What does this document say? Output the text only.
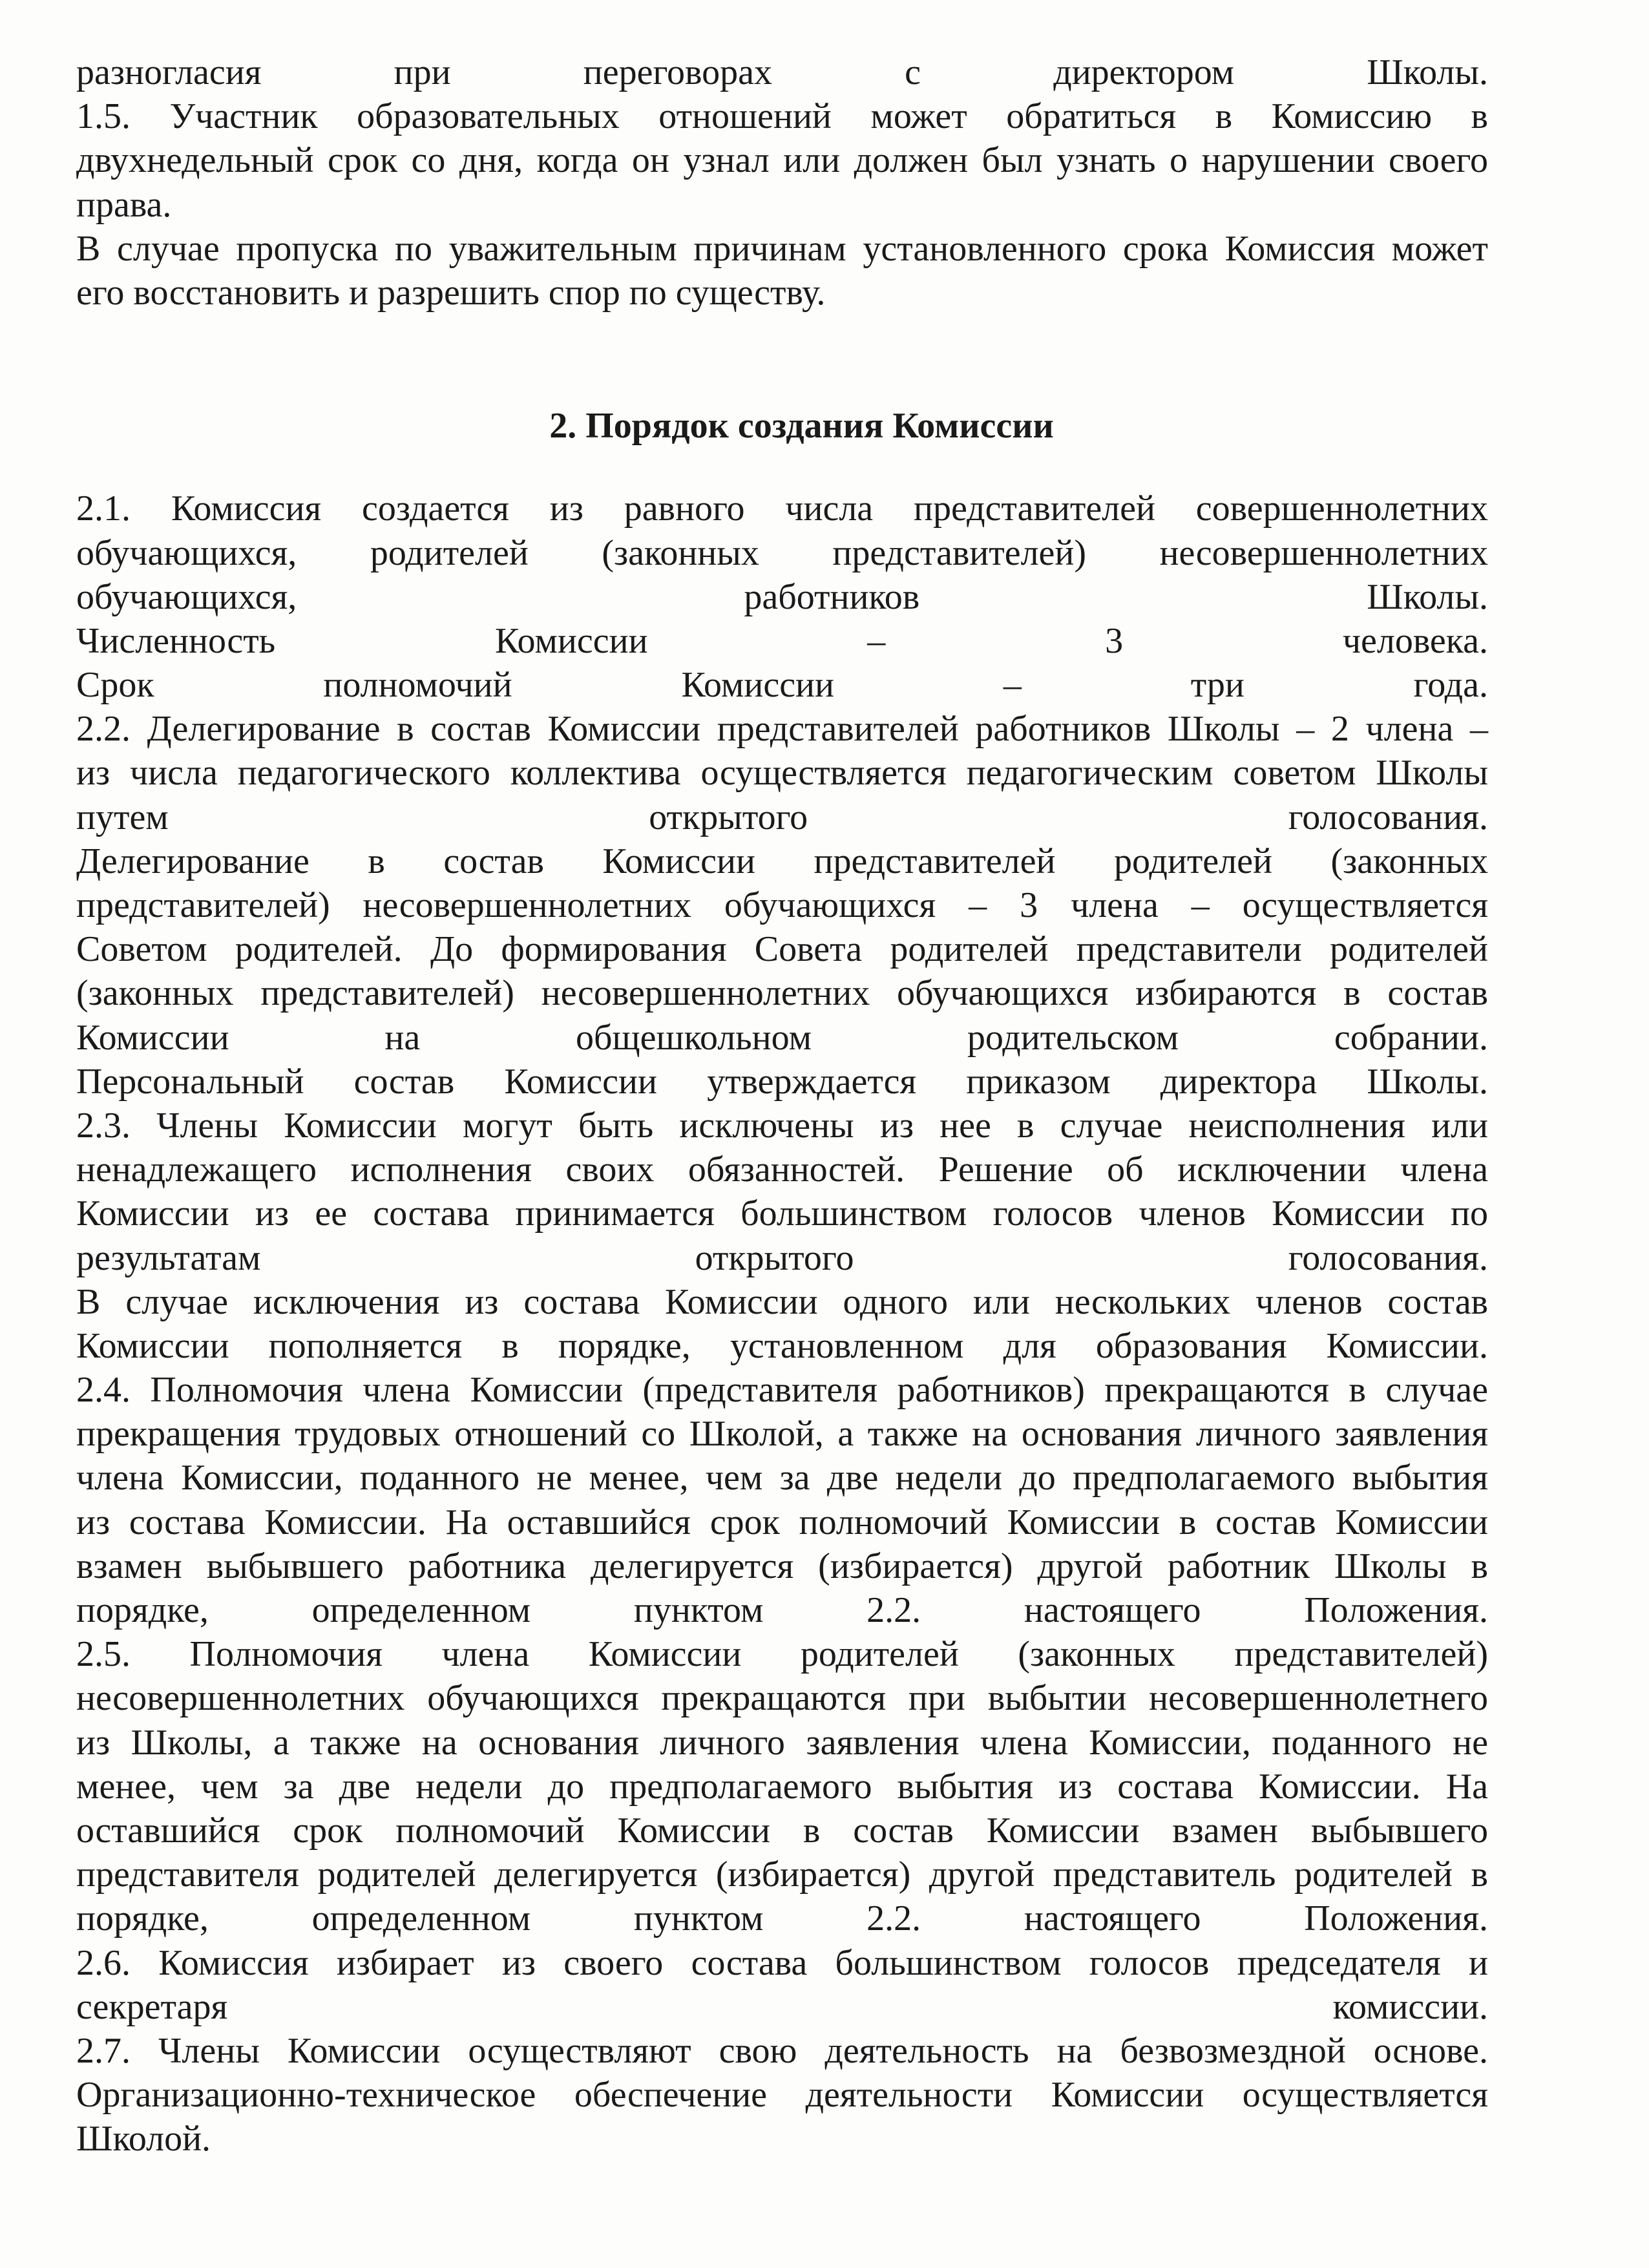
разногласия при переговорах с директором Школы.
1.5. Участник образовательных отношений может обратиться в Комиссию в
двухнедельный срок со дня, когда он узнал или должен был узнать о нарушении своего
права.
В случае пропуска по уважительным причинам установленного срока Комиссия может
его восстановить и разрешить спор по существу.
2. Порядок создания Комиссии
2.1. Комиссия создается из равного числа представителей совершеннолетних
обучающихся, родителей (законных представителей) несовершеннолетних
обучающихся, работников Школы.
Численность Комиссии – 3 человека.
Срок полномочий Комиссии – три года.
2.2. Делегирование в состав Комиссии представителей работников Школы – 2 члена –
из числа педагогического коллектива осуществляется педагогическим советом Школы
путем открытого голосования.
Делегирование в состав Комиссии представителей родителей (законных
представителей) несовершеннолетних обучающихся – 3 члена – осуществляется
Советом родителей. До формирования Совета родителей представители родителей
(законных представителей) несовершеннолетних обучающихся избираются в состав
Комиссии на общешкольном родительском собрании.
Персональный состав Комиссии утверждается приказом директора Школы.
2.3. Члены Комиссии могут быть исключены из нее в случае неисполнения или
ненадлежащего исполнения своих обязанностей. Решение об исключении члена
Комиссии из ее состава принимается большинством голосов членов Комиссии по
результатам открытого голосования.
В случае исключения из состава Комиссии одного или нескольких членов состав
Комиссии пополняется в порядке, установленном для образования Комиссии.
2.4. Полномочия члена Комиссии (представителя работников) прекращаются в случае
прекращения трудовых отношений со Школой, а также на основания личного заявления
члена Комиссии, поданного не менее, чем за две недели до предполагаемого выбытия
из состава Комиссии. На оставшийся срок полномочий Комиссии в состав Комиссии
взамен выбывшего работника делегируется (избирается) другой работник Школы в
порядке, определенном пунктом 2.2. настоящего Положения.
2.5. Полномочия члена Комиссии родителей (законных представителей)
несовершеннолетних обучающихся прекращаются при выбытии несовершеннолетнего
из Школы, а также на основания личного заявления члена Комиссии, поданного не
менее, чем за две недели до предполагаемого выбытия из состава Комиссии. На
оставшийся срок полномочий Комиссии в состав Комиссии взамен выбывшего
представителя родителей делегируется (избирается) другой представитель родителей в
порядке, определенном пунктом 2.2. настоящего Положения.
2.6. Комиссия избирает из своего состава большинством голосов председателя и
секретаря комиссии.
2.7. Члены Комиссии осуществляют свою деятельность на безвозмездной основе.
Организационно-техническое обеспечение деятельности Комиссии осуществляется
Школой.
